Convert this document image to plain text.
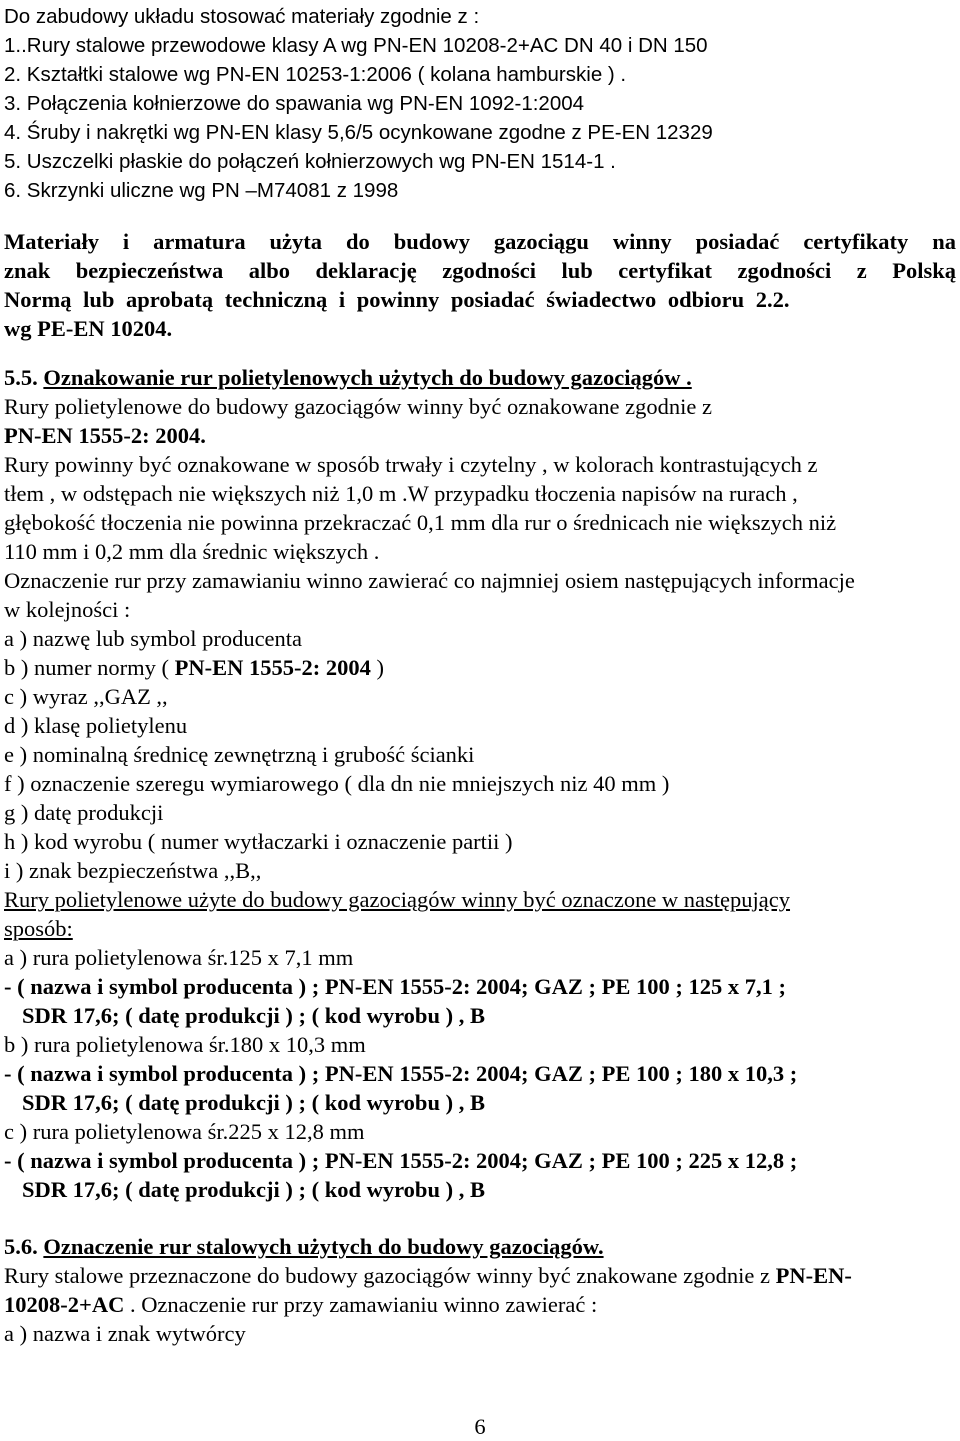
Do zabudowy układu stosować materiały zgodnie z :
1..Rury stalowe przewodowe klasy A wg PN-EN 10208-2+AC DN 40 i DN 150
2. Kształtki stalowe wg PN-EN 10253-1:2006 ( kolana hamburskie ) .
3. Połączenia kołnierzowe do spawania wg PN-EN 1092-1:2004
4. Śruby i nakrętki wg PN-EN klasy 5,6/5 ocynkowane zgodne z PE-EN 12329
5. Uszczelki płaskie do połączeń kołnierzowych wg PN-EN 1514-1 .
6. Skrzynki uliczne wg PN –M74081 z 1998
Materiały i armatura użyta do budowy gazociągu winny posiadać certyfikaty na
znak bezpieczeństwa albo deklarację zgodności lub certyfikat zgodności z Polską
Normą lub aprobatą techniczną i powinny posiadać świadectwo odbioru 2.2.
wg PE-EN 10204.
5.5. Oznakowanie rur polietylenowych użytych do budowy gazociągów .
Rury polietylenowe do budowy gazociągów winny być oznakowane zgodnie z
PN-EN 1555-2: 2004.
Rury powinny być oznakowane w sposób trwały i czytelny , w kolorach kontrastujących z
tłem , w odstępach nie większych niż 1,0 m .W przypadku tłoczenia napisów na rurach ,
głębokość tłoczenia nie powinna przekraczać 0,1 mm dla rur o średnicach nie większych niż
110 mm i 0,2 mm dla średnic większych .
Oznaczenie rur przy zamawianiu winno zawierać co najmniej osiem następujących informacje
w kolejności :
a ) nazwę lub symbol producenta
b ) numer normy ( PN-EN 1555-2: 2004 )
c ) wyraz ,,GAZ ,,
d ) klasę polietylenu
e ) nominalną średnicę zewnętrzną i grubość ścianki
f ) oznaczenie szeregu wymiarowego ( dla dn nie mniejszych niz 40 mm )
g ) datę produkcji
h ) kod wyrobu ( numer wytłaczarki i oznaczenie partii )
i ) znak bezpieczeństwa ,,B,,
Rury polietylenowe użyte do budowy gazociągów winny być oznaczone w następujący
sposób:
a ) rura polietylenowa śr.125 x 7,1 mm
- ( nazwa i symbol producenta ) ; PN-EN 1555-2: 2004; GAZ ; PE 100 ; 125 x 7,1 ;
SDR 17,6; ( datę produkcji ) ; ( kod wyrobu ) , B
b ) rura polietylenowa śr.180 x 10,3 mm
- ( nazwa i symbol producenta ) ; PN-EN 1555-2: 2004; GAZ ; PE 100 ; 180 x 10,3 ;
SDR 17,6; ( datę produkcji ) ; ( kod wyrobu ) , B
c ) rura polietylenowa śr.225 x 12,8 mm
- ( nazwa i symbol producenta ) ; PN-EN 1555-2: 2004; GAZ ; PE 100 ; 225 x 12,8 ;
SDR 17,6; ( datę produkcji ) ; ( kod wyrobu ) , B
5.6. Oznaczenie rur stalowych użytych do budowy gazociągów.
Rury stalowe przeznaczone do budowy gazociągów winny być znakowane zgodnie z PN-EN-
10208-2+AC . Oznaczenie rur przy zamawianiu winno zawierać :
a ) nazwa i znak wytwórcy
6
